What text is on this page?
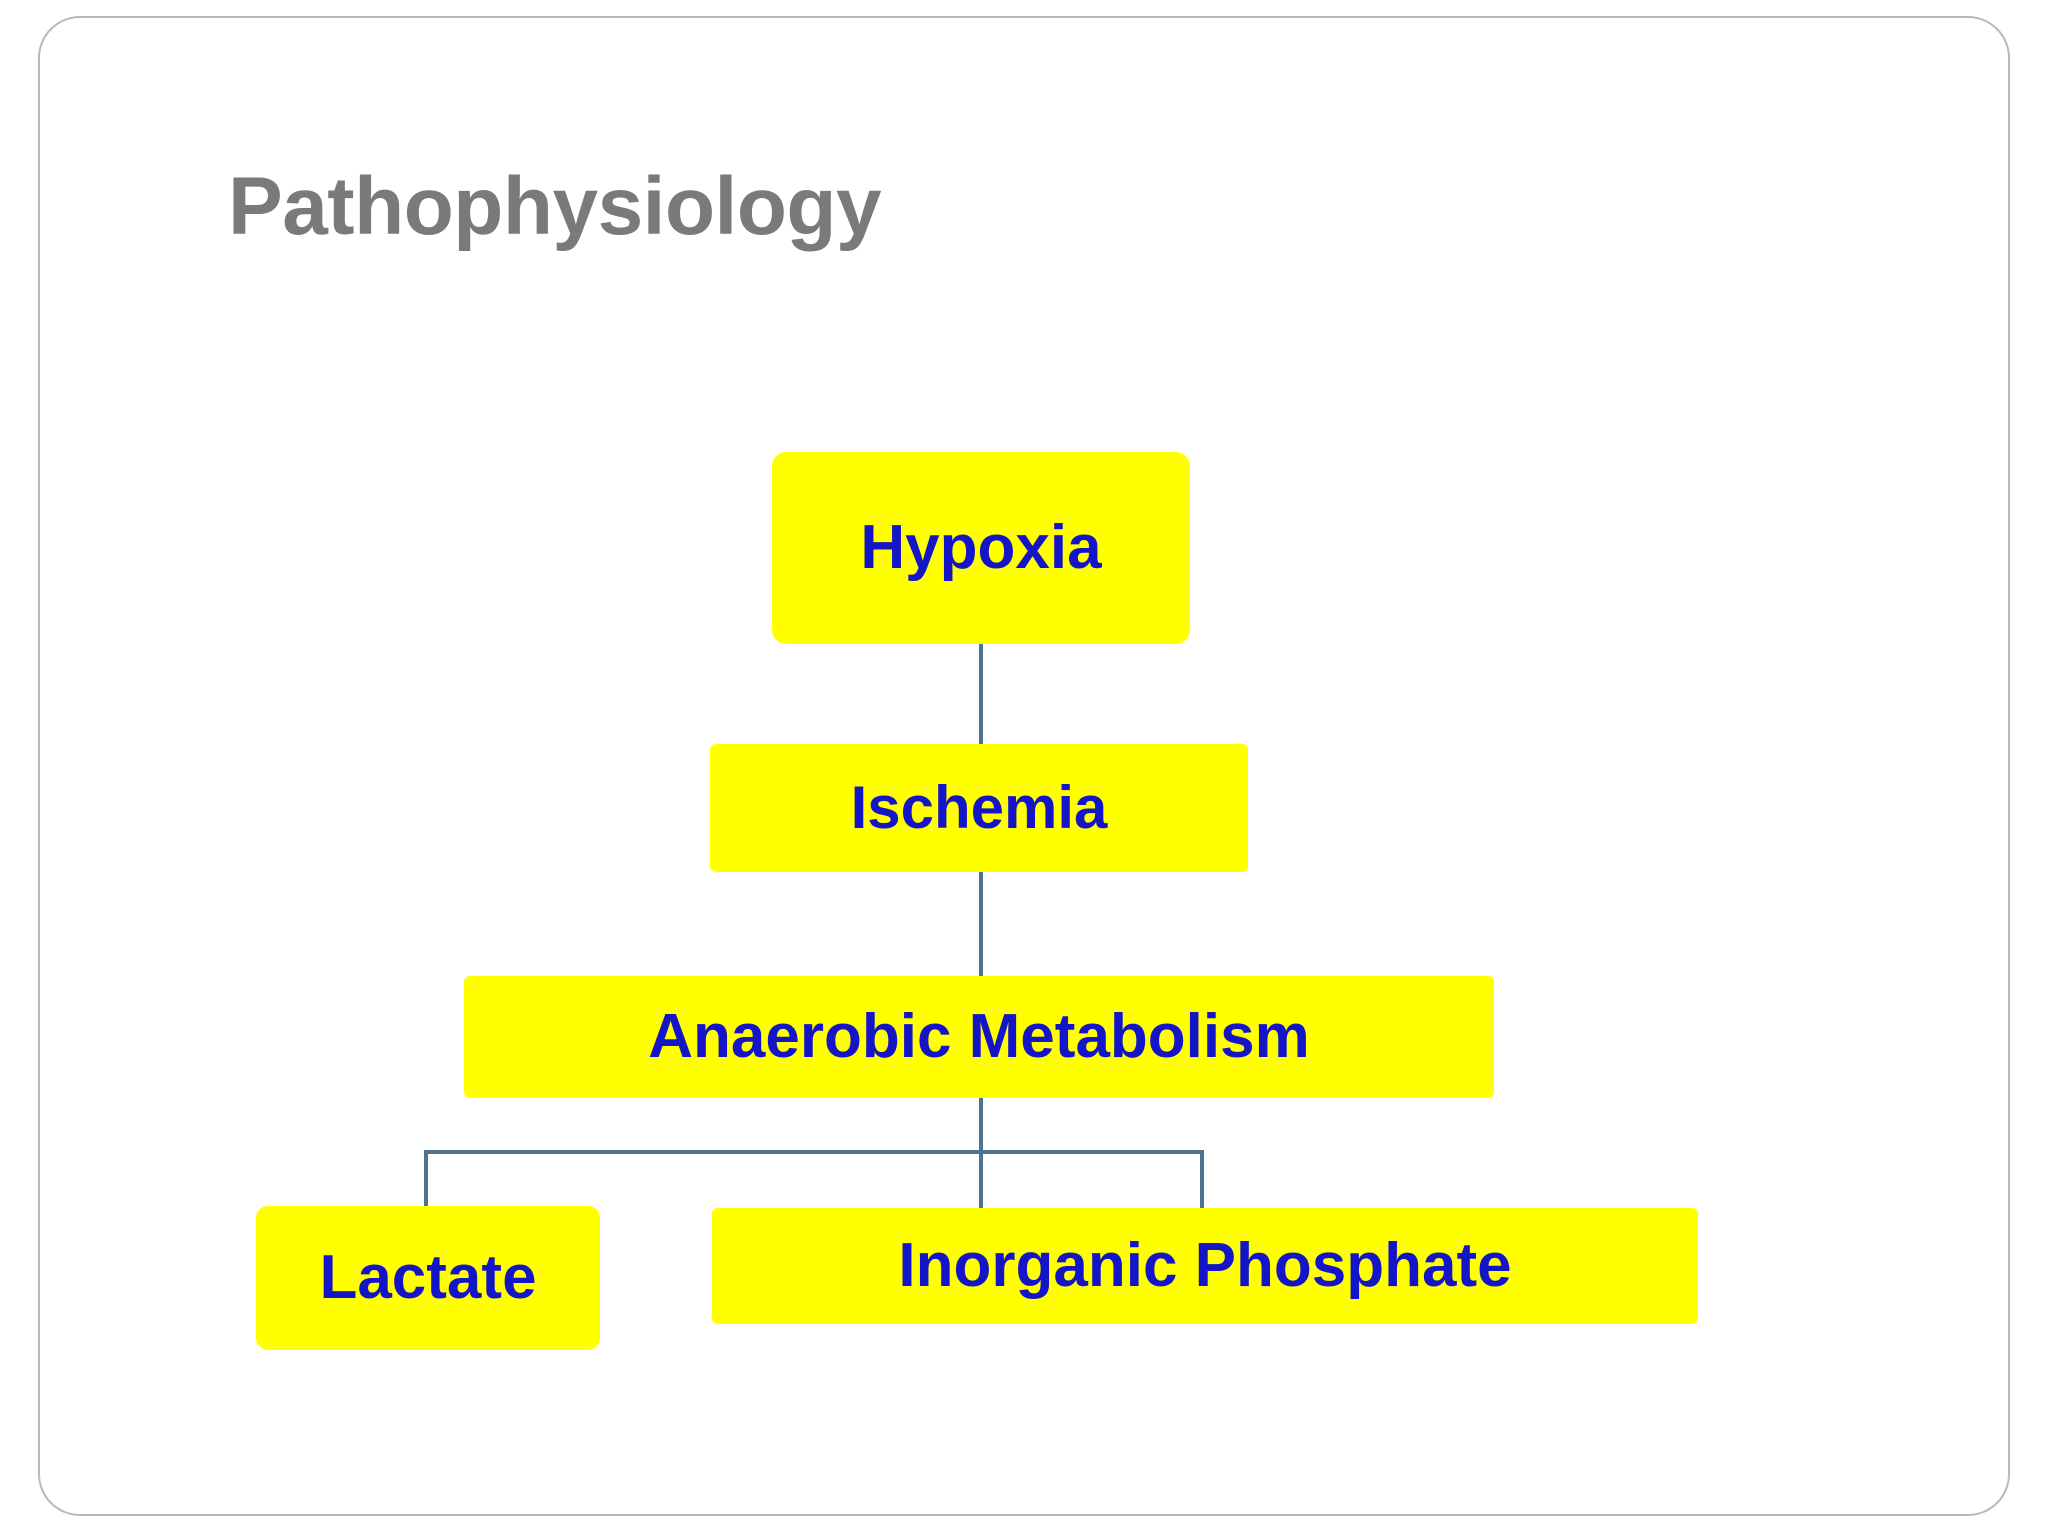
Pathophysiology
Hypoxia
Ischemia
Anaerobic Metabolism
Lactate	Inorganic Phosphate
